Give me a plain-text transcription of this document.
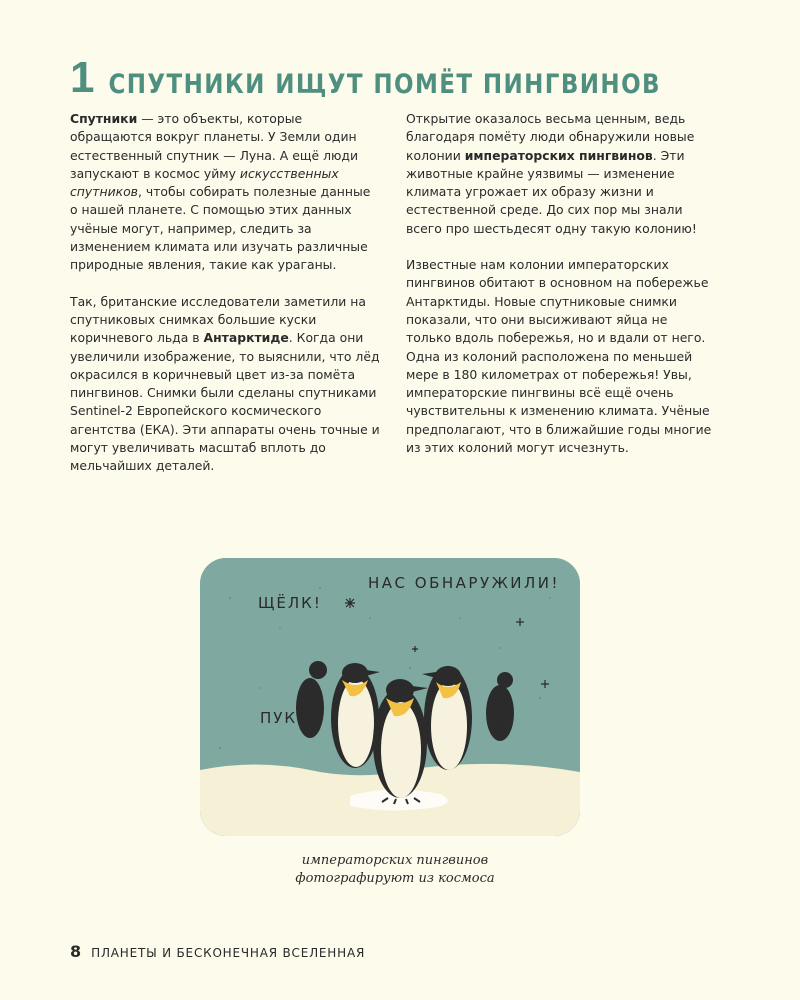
1 СПУТНИКИ ИЩУТ ПОМЁТ ПИНГВИНОВ

Спутники — это объекты, которые обращаются вокруг планеты. У Земли один естественный спутник — Луна. А ещё люди запускают в космос уйму искусственных спутников, чтобы собирать полезные данные о нашей планете. С помощью этих данных учёные могут, например, следить за изменением климата или изучать различные природные явления, такие как ураганы.

Так, британские исследователи заметили на спутниковых снимках большие куски коричневого льда в Антарктиде. Когда они увеличили изображение, то выяснили, что лёд окрасился в коричневый цвет из-за помёта пингвинов. Снимки были сделаны спутниками Sentinel-2 Европейского космического агентства (ЕКА). Эти аппараты очень точные и могут увеличивать масштаб вплоть до мельчайших деталей.

Открытие оказалось весьма ценным, ведь благодаря помёту люди обнаружили новые колонии императорских пингвинов. Эти животные крайне уязвимы — изменение климата угрожает их образу жизни и естественной среде. До сих пор мы знали всего про шестьдесят одну такую колонию!

Известные нам колонии императорских пингвинов обитают в основном на побережье Антарктиды. Новые спутниковые снимки показали, что они высиживают яйца не только вдоль побережья, но и вдали от него. Одна из колоний расположена по меньшей мере в 180 километрах от побережья! Увы, императорские пингвины всё ещё очень чувствительны к изменению климата. Учёные предполагают, что в ближайшие годы многие из этих колоний могут исчезнуть.

ЩЁЛК!
НАС ОБНАРУЖИЛИ!
ПУК!
императорских пингвинов
фотографируют из космоса
8 ПЛАНЕТЫ И БЕСКОНЕЧНАЯ ВСЕЛЕННАЯ
